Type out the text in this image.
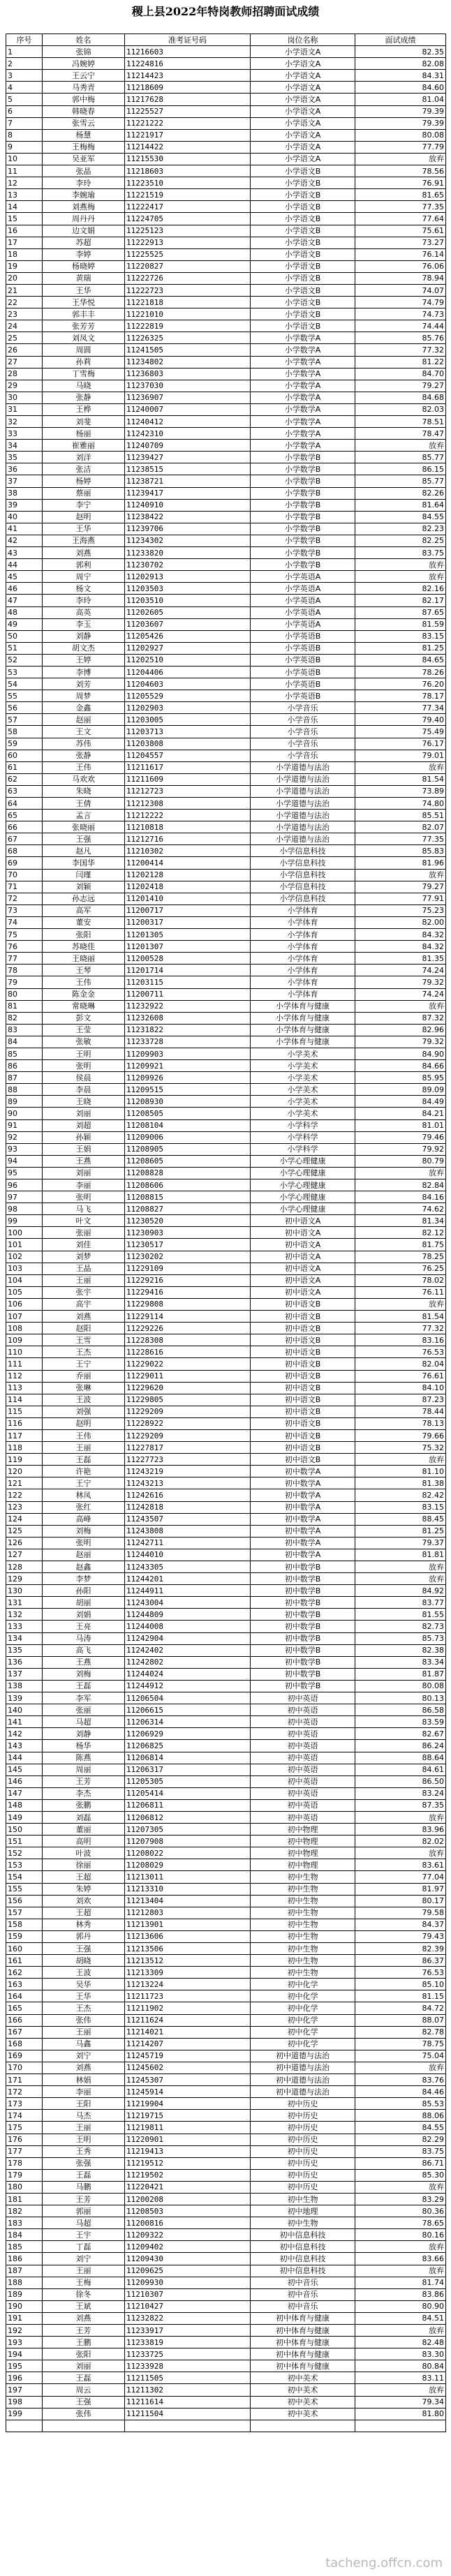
稷上县2022年特岗教师招聘面试成绩
序号	姓名	准考证号码	岗位名称	面试成绩
1	张锦	11216603	小学语文A	82.35
2	冯婉婷	11224816	小学语文A	82.08
3	王云宁	11214423	小学语文A	84.31
4	马秀青	11218609	小学语文A	84.60
5	郭中梅	11217628	小学语文A	81.04
6	韩晓春	11225527	小学语文A	79.39
7	张雪云	11221222	小学语文A	79.39
8	杨慧	11221917	小学语文A	80.08
9	王梅梅	11214422	小学语文A	77.79
10	吴亚军	11215530	小学语文A	放弃
11	张晶	11218603	小学语文B	78.56
12	李玲	11223510	小学语文B	76.91
13	李婉瑜	11221519	小学语文B	81.65
14	刘燕梅	11222417	小学语文B	77.35
15	周丹丹	11224705	小学语文B	77.64
16	边文娟	11225123	小学语文B	75.61
17	苏超	11222913	小学语文B	73.27
18	李婷	11225525	小学语文B	76.14
19	杨晓婷	11220827	小学语文B	76.06
20	黄瑞	11222726	小学语文B	78.94
21	王华	11222723	小学语文B	74.07
22	王华悦	11221818	小学语文B	74.79
23	郭丰丰	11221010	小学语文B	74.73
24	张芳芳	11222819	小学语文B	74.44
25	刘凤文	11226325	小学数学A	85.76
26	周圆	11241505	小学数学A	77.32
27	孙莉	11234802	小学数学A	81.22
28	丁雪梅	11236803	小学数学A	84.70
29	马晓	11237030	小学数学A	79.27
30	张静	11236907	小学数学A	84.68
31	王桦	11240007	小学数学A	82.03
32	刘斐	11240412	小学数学A	78.51
33	杨丽	11242310	小学数学A	78.47
34	崔雅丽	11240709	小学数学A	放弃
35	刘洋	11239427	小学数学B	85.77
36	张洁	11238515	小学数学B	86.15
37	杨婷	11238721	小学数学B	85.77
38	蔡丽	11239417	小学数学B	82.26
39	李宁	11240910	小学数学B	81.64
40	赵明	11238422	小学数学B	84.55
41	王华	11239706	小学数学B	82.23
42	王海燕	11234302	小学数学B	82.25
43	刘燕	11233820	小学数学B	83.75
44	郭利	11230702	小学数学B	放弃
45	周宁	11202913	小学英语A	放弃
46	杨文	11203503	小学英语A	82.16
47	李玲	11203510	小学英语A	82.17
48	高英	11202605	小学英语A	87.65
49	李玉	11203607	小学英语A	81.59
50	刘静	11205426	小学英语B	83.15
51	胡文杰	11202927	小学英语B	81.25
52	王婷	11202510	小学英语B	84.65
53	李博	11204406	小学英语B	78.26
54	刘芳	11204603	小学英语B	76.20
55	周梦	11205529	小学英语B	78.17
56	金鑫	11202903	小学音乐	77.34
57	赵丽	11203005	小学音乐	79.40
58	王文	11203713	小学音乐	75.49
59	苏伟	11203808	小学音乐	76.17
60	张静	11204557	小学音乐	79.01
61	王伟	11211617	小学道德与法治	放弃
62	马欢欢	11211609	小学道德与法治	81.54
63	朱晓	11212723	小学道德与法治	73.89
64	王倩	11212308	小学道德与法治	74.80
65	孟言	11212222	小学道德与法治	85.51
66	张晓丽	11210818	小学道德与法治	82.07
67	王强	11212716	小学道德与法治	77.35
68	赵凡	11210302	小学信息科技	85.83
69	李国华	11200414	小学信息科技	81.96
70	闫瑾	11202128	小学信息科技	放弃
71	刘颖	11202418	小学信息科技	79.27
72	孙志远	11201410	小学信息科技	77.91
73	高军	11200717	小学体育	75.23
74	董安	11200317	小学体育	82.00
75	张阳	11201305	小学体育	84.32
76	苏晓佳	11201307	小学体育	84.32
77	王晓丽	11200528	小学体育	81.35
78	王琴	11201714	小学体育	74.24
79	王伟	11203115	小学体育	79.32
80	陈金金	11200711	小学体育	74.24
81	常晓琳	11232922	小学体育与健康	放弃
82	彭文	11232608	小学体育与健康	87.32
83	王莹	11231822	小学体育与健康	82.96
84	张敏	11233728	小学体育与健康	79.32
85	王明	11209903	小学美术	84.90
86	张明	11209921	小学美术	84.66
87	侯晨	11209926	小学美术	85.95
88	李晨	11209515	小学美术	89.09
89	王晓	11208930	小学美术	84.49
90	刘丽	11208505	小学美术	84.21
91	刘超	11208104	小学科学	81.01
92	孙颖	11209006	小学科学	79.46
93	王娟	11208905	小学科学	79.92
94	王燕	11208605	小学心理健康	80.79
95	刘丽	11208828	小学心理健康	放弃
96	李丽	11208606	小学心理健康	82.84
97	张明	11208815	小学心理健康	84.16
98	马飞	11208827	小学心理健康	74.62
99	叶文	11230520	初中语文A	81.34
100	张丽	11230903	初中语文A	82.12
101	刘佳	11230517	初中语文A	81.75
102	刘梦	11230202	初中语文A	78.25
103	王晶	11229109	初中语文A	76.25
104	王丽	11229216	初中语文A	78.02
105	张宇	11229416	初中语文A	76.11
106	高宇	11229808	初中语文B	放弃
107	刘燕	11229114	初中语文B	81.54
108	赵阳	11229226	初中语文B	77.32
109	王雪	11228308	初中语文B	83.16
110	王杰	11228616	初中语文B	76.53
111	王宁	11229022	初中语文B	82.04
112	乔丽	11229011	初中语文B	76.61
113	张琳	11229620	初中语文B	84.10
114	王波	11229805	初中语文B	87.23
115	刘强	11229209	初中语文B	78.44
116	赵明	11228922	初中语文B	78.13
117	王伟	11229209	初中语文B	79.66
118	王丽	11227817	初中语文B	75.32
119	王磊	11227723	初中语文B	放弃
120	许艳	11243219	初中数学A	81.10
121	王宁	11243213	初中数学A	81.38
122	林凤	11242616	初中数学A	82.42
123	张红	11242818	初中数学A	83.15
124	高峰	11243507	初中数学A	88.45
125	刘梅	11243808	初中数学A	81.25
126	张明	11242711	初中数学A	79.37
127	赵丽	11244010	初中数学A	81.81
128	赵鑫	11243305	初中数学B	放弃
129	李梦	11244201	初中数学B	放弃
130	孙阳	11244911	初中数学B	84.92
131	胡丽	11243004	初中数学B	83.77
132	刘娟	11244809	初中数学B	81.55
133	王亮	11244008	初中数学B	82.73
134	马涛	11242904	初中数学B	85.73
135	高飞	11242402	初中数学B	82.38
136	王燕	11242802	初中数学B	83.34
137	刘梅	11244024	初中数学B	81.87
138	王磊	11244912	初中数学B	80.08
139	李军	11206504	初中英语	80.13
140	张丽	11206615	初中英语	86.58
141	马超	11206314	初中英语	83.59
142	刘静	11206929	初中英语	82.67
143	杨华	11206825	初中英语	86.24
144	陈燕	11206814	初中英语	88.64
145	周丽	11206317	初中英语	84.61
146	王芳	11205305	初中英语	86.50
147	李杰	11205414	初中英语	83.24
148	张鹏	11206811	初中英语	87.35
149	刘磊	11206812	初中英语	放弃
150	董丽	11207305	初中物理	83.96
151	高明	11207908	初中物理	82.02
152	叶波	11208022	初中物理	放弃
153	徐丽	11208029	初中物理	83.61
154	王超	11213011	初中生物	77.04
155	朱婷	11213310	初中生物	81.97
156	刘欢	11213404	初中生物	80.17
157	王超	11212803	初中生物	79.58
158	林秀	11213901	初中生物	84.37
159	郭丹	11213606	初中生物	79.43
160	王强	11213506	初中生物	82.39
161	胡晓	11213512	初中生物	86.37
162	王波	11213309	初中生物	76.53
163	吴华	11213224	初中化学	85.10
164	王华	11211723	初中化学	81.15
165	王杰	11211902	初中化学	84.72
166	张伟	11211624	初中化学	88.07
167	王丽	11214021	初中化学	82.78
168	马鑫	11214207	初中化学	78.75
169	刘宁	11245719	初中道德与法治	75.04
170	刘燕	11245602	初中道德与法治	放弃
171	林娟	11245307	初中道德与法治	83.76
172	李丽	11245914	初中道德与法治	84.46
173	王阳	11219904	初中历史	85.53
174	马杰	11219715	初中历史	88.06
175	王丽	11219811	初中历史	84.55
176	王明	11220901	初中历史	82.29
177	王秀	11219413	初中历史	83.75
178	张强	11219512	初中历史	86.71
179	王磊	11219502	初中历史	85.30
180	马鹏	11220421	初中历史	放弃
181	王芳	11200208	初中生物	83.29
182	郭丽	11208503	初中地理	80.36
183	马超	11200816	初中生物	78.65
184	王宇	11209322	初中信息科技	80.16
185	丁磊	11209402	初中信息科技	放弃
186	刘宁	11209430	初中信息科技	83.66
187	王丽	11209625	初中信息科技	放弃
188	王梅	11209930	初中音乐	81.74
189	徐冬	11210307	初中音乐	83.86
190	王斌	11210427	初中音乐	80.90
191	刘燕	11232822	初中体育与健康	84.51
192	王芳	11233917	初中体育与健康	放弃
193	王鹏	11233819	初中体育与健康	82.48
194	张阳	11233725	初中体育与健康	83.30
195	刘丽	11233928	初中体育与健康	80.84
196	王磊	11211505	初中美术	83.11
197	周云	11211302	初中美术	放弃
198	王强	11211614	初中美术	79.34
199	张伟	11211504	初中美术	81.80

tacheng.offcn.com
